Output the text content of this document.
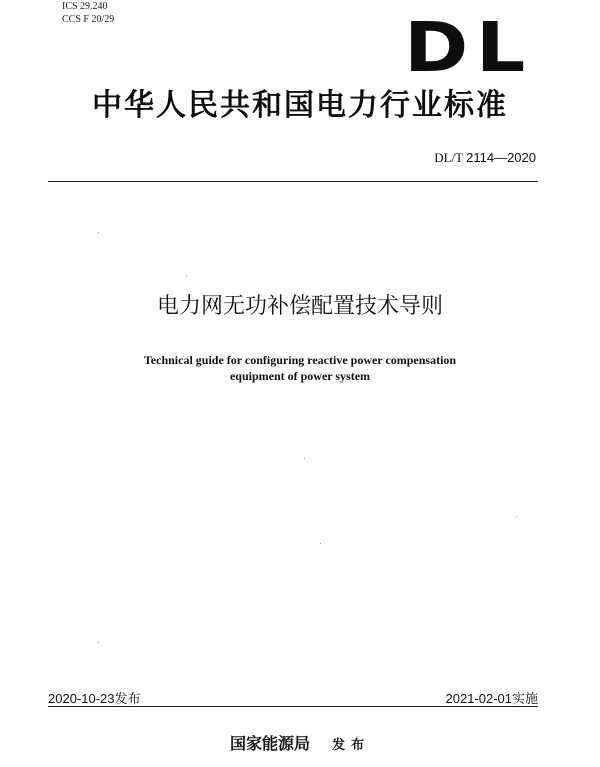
ICS 29.240
CCS F 20/29	DL
中华人民共和国电力行业标准
DL/T 2114—2020
电力网无功补偿配置技术导则
Technical guide for configuring reactive power compensation
equipment of power system
2020-10-23发布	2021-02-01实施
国家能源局 发布
